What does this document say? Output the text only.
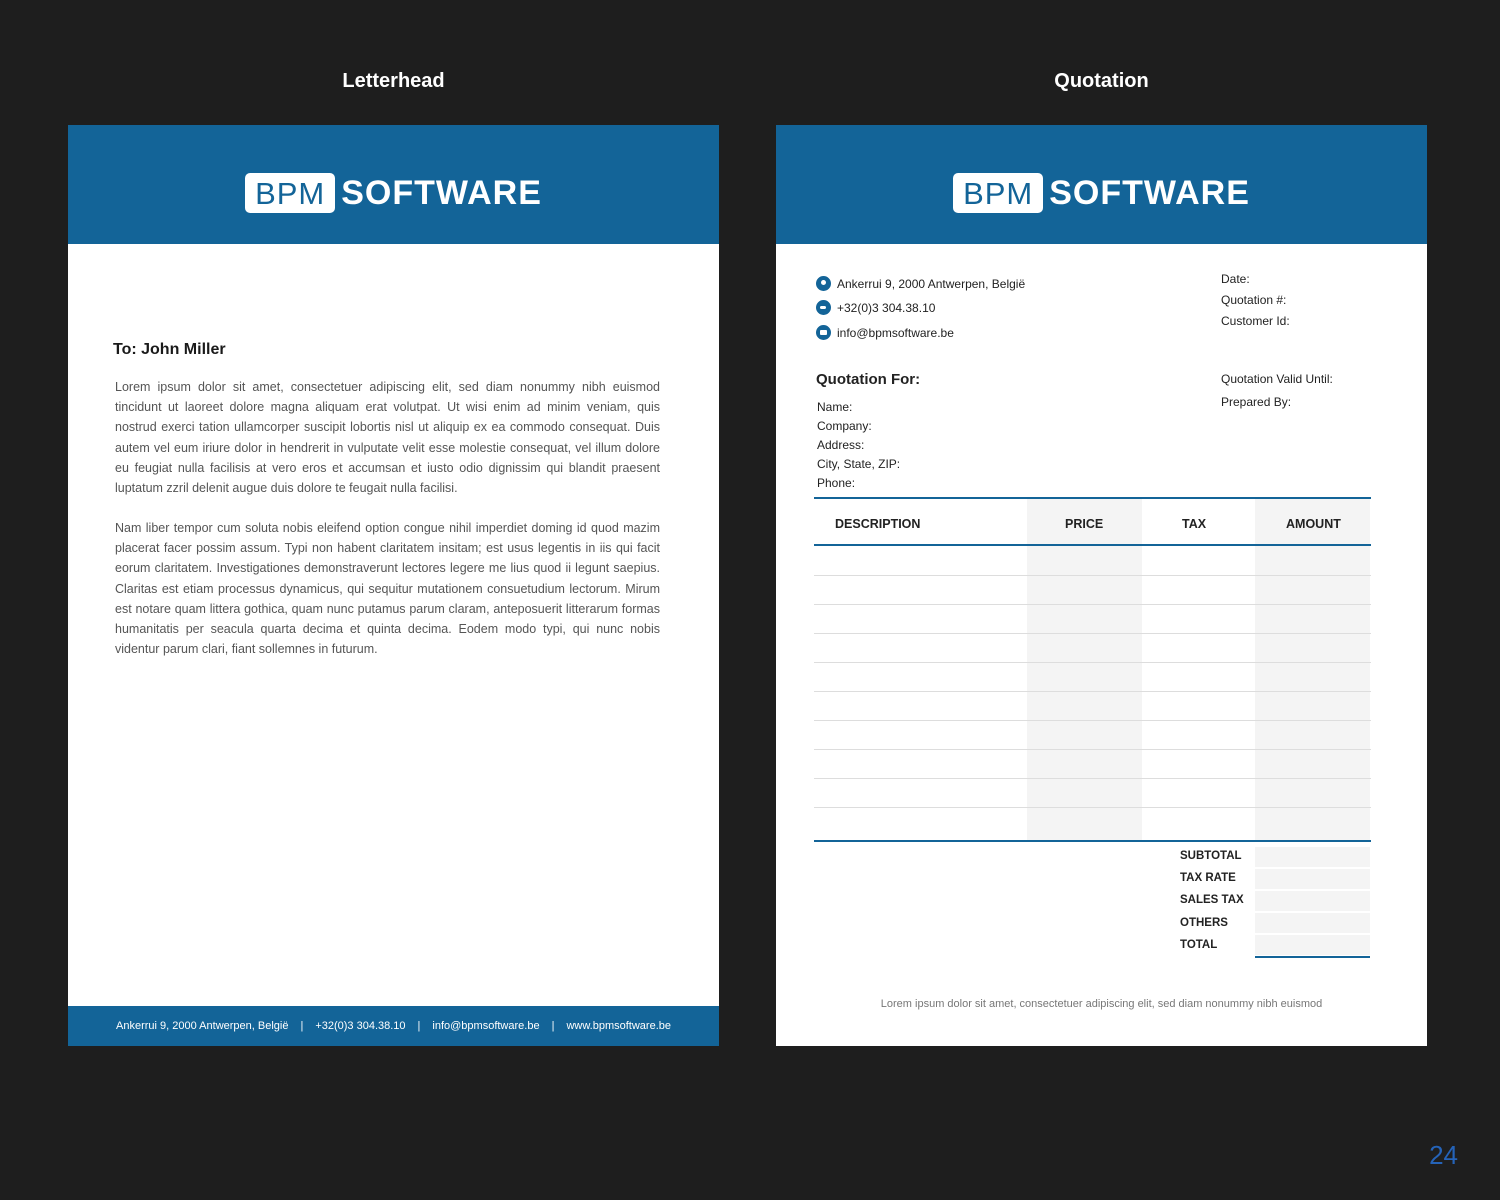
Letterhead	Quotation
BPM SOFTWARE
To: John Miller
Lorem ipsum dolor sit amet, consectetuer adipiscing elit, sed diam nonummy nibh euismod tincidunt ut laoreet dolore magna aliquam erat volutpat. Ut wisi enim ad minim veniam, quis nostrud exerci tation ullamcorper suscipit lobortis nisl ut aliquip ex ea commodo consequat. Duis autem vel eum iriure dolor in hendrerit in vulputate velit esse molestie consequat, vel illum dolore eu feugiat nulla facilisis at vero eros et accumsan et iusto odio dignissim qui blandit praesent luptatum zzril delenit augue duis dolore te feugait nulla facilisi.
Nam liber tempor cum soluta nobis eleifend option congue nihil imperdiet doming id quod mazim placerat facer possim assum. Typi non habent claritatem insitam; est usus legentis in iis qui facit eorum claritatem. Investigationes demonstraverunt lectores legere me lius quod ii legunt saepius. Claritas est etiam processus dynamicus, qui sequitur mutationem consuetudium lectorum. Mirum est notare quam littera gothica, quam nunc putamus parum claram, anteposuerit litterarum formas humanitatis per seacula quarta decima et quinta decima. Eodem modo typi, qui nunc nobis videntur parum clari, fiant sollemnes in futurum.
Ankerrui 9, 2000 Antwerpen, België | +32(0)3 304.38.10 | info@bpmsoftware.be | www.bpmsoftware.be
BPM SOFTWARE
Ankerrui 9, 2000 Antwerpen, België
+32(0)3 304.38.10
info@bpmsoftware.be
Date:
Quotation #:
Customer Id:
Quotation Valid Until:
Prepared By:
Quotation For:
Name:
Company:
Address:
City, State, ZIP:
Phone:
DESCRIPTION	PRICE	TAX	AMOUNT
SUBTOTAL
TAX RATE
SALES TAX
OTHERS
TOTAL
Lorem ipsum dolor sit amet, consectetuer adipiscing elit, sed diam nonummy nibh euismod
24
